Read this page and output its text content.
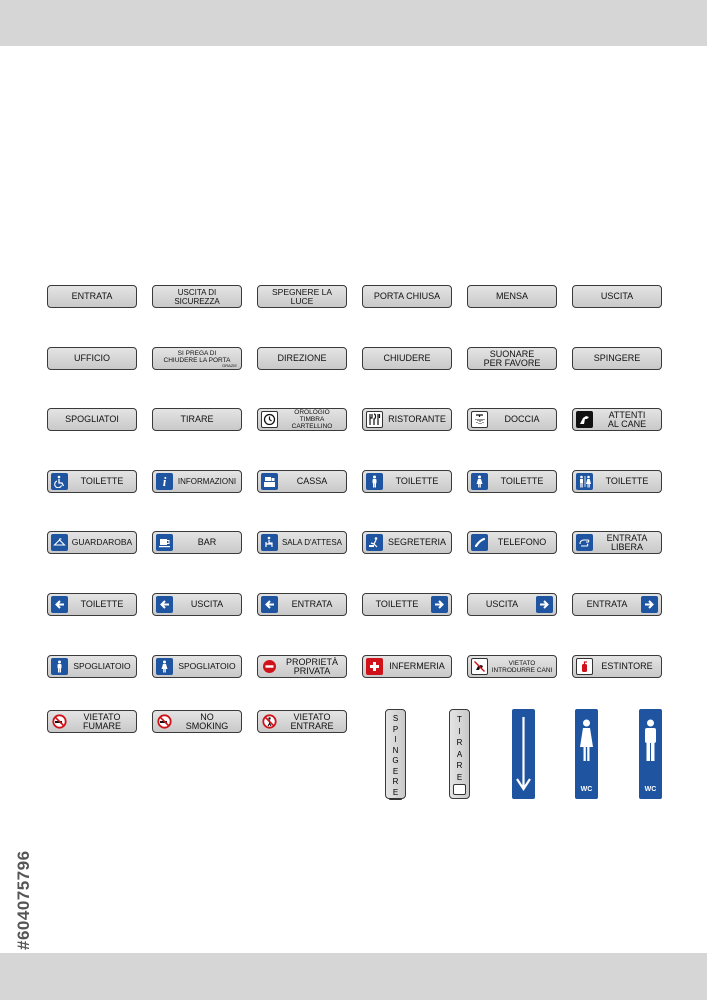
#604075796
ENTRATA	USCITA DI SICUREZZA
SPEGNERE LA LUCE	PORTA CHIUSA	MENSA	USCITA
UFFICIO	SI PREGA DI
CHIUDERE LA PORTA
GRAZIE
DIREZIONE	CHIUDERE	SUONARE
PER FAVORE	SPINGERE
SPOGLIATOI	TIRARE
OROLOGIO
TIMBRA CARTELLINO
RISTORANTE	DOCCIA	ATTENTI
AL CANE
TOILETTE	i	INFORMAZIONI	CASSA	TOILETTE	TOILETTE	TOILETTE
GUARDAROBA	BAR	SALA D'ATTESA	SEGRETERIA	TELEFONO	ENTRATA
LIBERA
TOILETTE	USCITA	ENTRATA	TOILETTE	USCITA	ENTRATA
SPOGLIATOIO	SPOGLIATOIO	PROPRIETÀ
PRIVATA	INFERMERIA	VIETATO
INTRODURRE CANI	ESTINTORE
VIETATO
FUMARE
NO
SMOKING
VIETATO
ENTRARE
S
P
I
N
G
E
R
E
T
I
R
A
R
E
WC	WC
